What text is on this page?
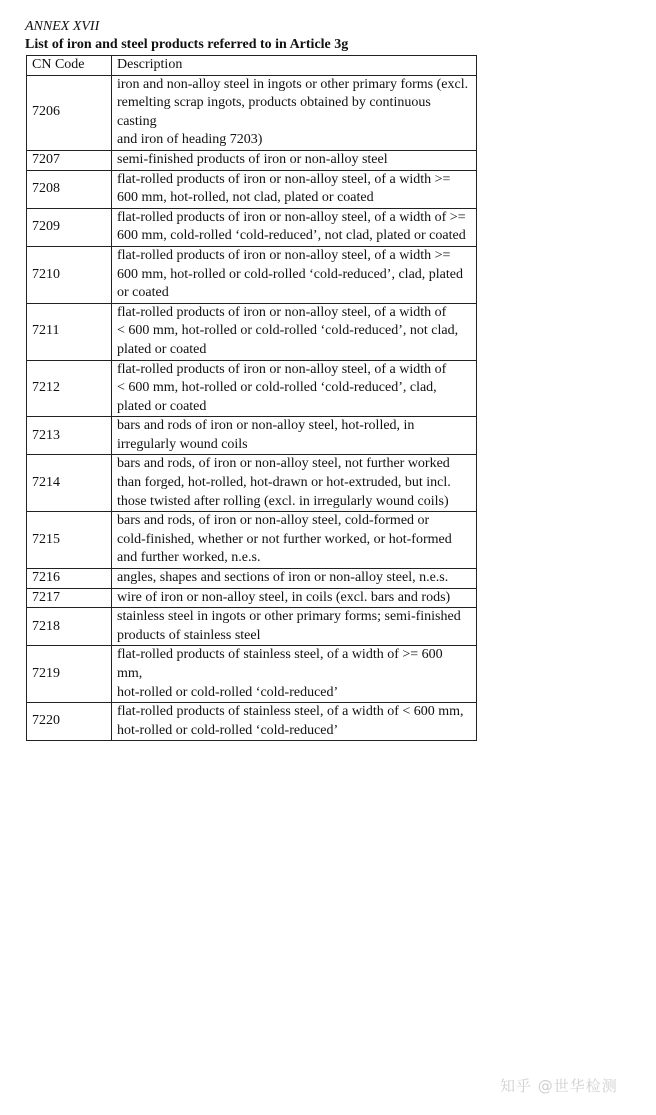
ANNEX XVII
List of iron and steel products referred to in Article 3g
CN Code	Description
7206	iron and non-alloy steel in ingots or other primary forms (excl.
remelting scrap ingots, products obtained by continuous casting
and iron of heading 7203)

7207	semi-finished products of iron or non-alloy steel

7208	flat-rolled products of iron or non-alloy steel, of a width >=
600 mm, hot-rolled, not clad, plated or coated

7209	flat-rolled products of iron or non-alloy steel, of a width of >=
600 mm, cold-rolled ‘cold-reduced’, not clad, plated or coated

7210	flat-rolled products of iron or non-alloy steel, of a width >=
600 mm, hot-rolled or cold-rolled ‘cold-reduced’, clad, plated
or coated

7211	flat-rolled products of iron or non-alloy steel, of a width of
< 600 mm, hot-rolled or cold-rolled ‘cold-reduced’, not clad,
plated or coated

7212	flat-rolled products of iron or non-alloy steel, of a width of
< 600 mm, hot-rolled or cold-rolled ‘cold-reduced’, clad,
plated or coated

7213	bars and rods of iron or non-alloy steel, hot-rolled, in irregularly wound coils

7214	bars and rods, of iron or non-alloy steel, not further worked
than forged, hot-rolled, hot-drawn or hot-extruded, but incl.
those twisted after rolling (excl. in irregularly wound coils)

7215	bars and rods, of iron or non-alloy steel, cold-formed or
cold-finished, whether or not further worked, or hot-formed
and further worked, n.e.s.

7216	angles, shapes and sections of iron or non-alloy steel, n.e.s.

7217	wire of iron or non-alloy steel, in coils (excl. bars and rods)

7218	stainless steel in ingots or other primary forms; semi-finished
products of stainless steel

7219	flat-rolled products of stainless steel, of a width of >= 600 mm,
hot-rolled or cold-rolled ‘cold-reduced’

7220	flat-rolled products of stainless steel, of a width of < 600 mm,
hot-rolled or cold-rolled ‘cold-reduced’
知乎 @世华检测
